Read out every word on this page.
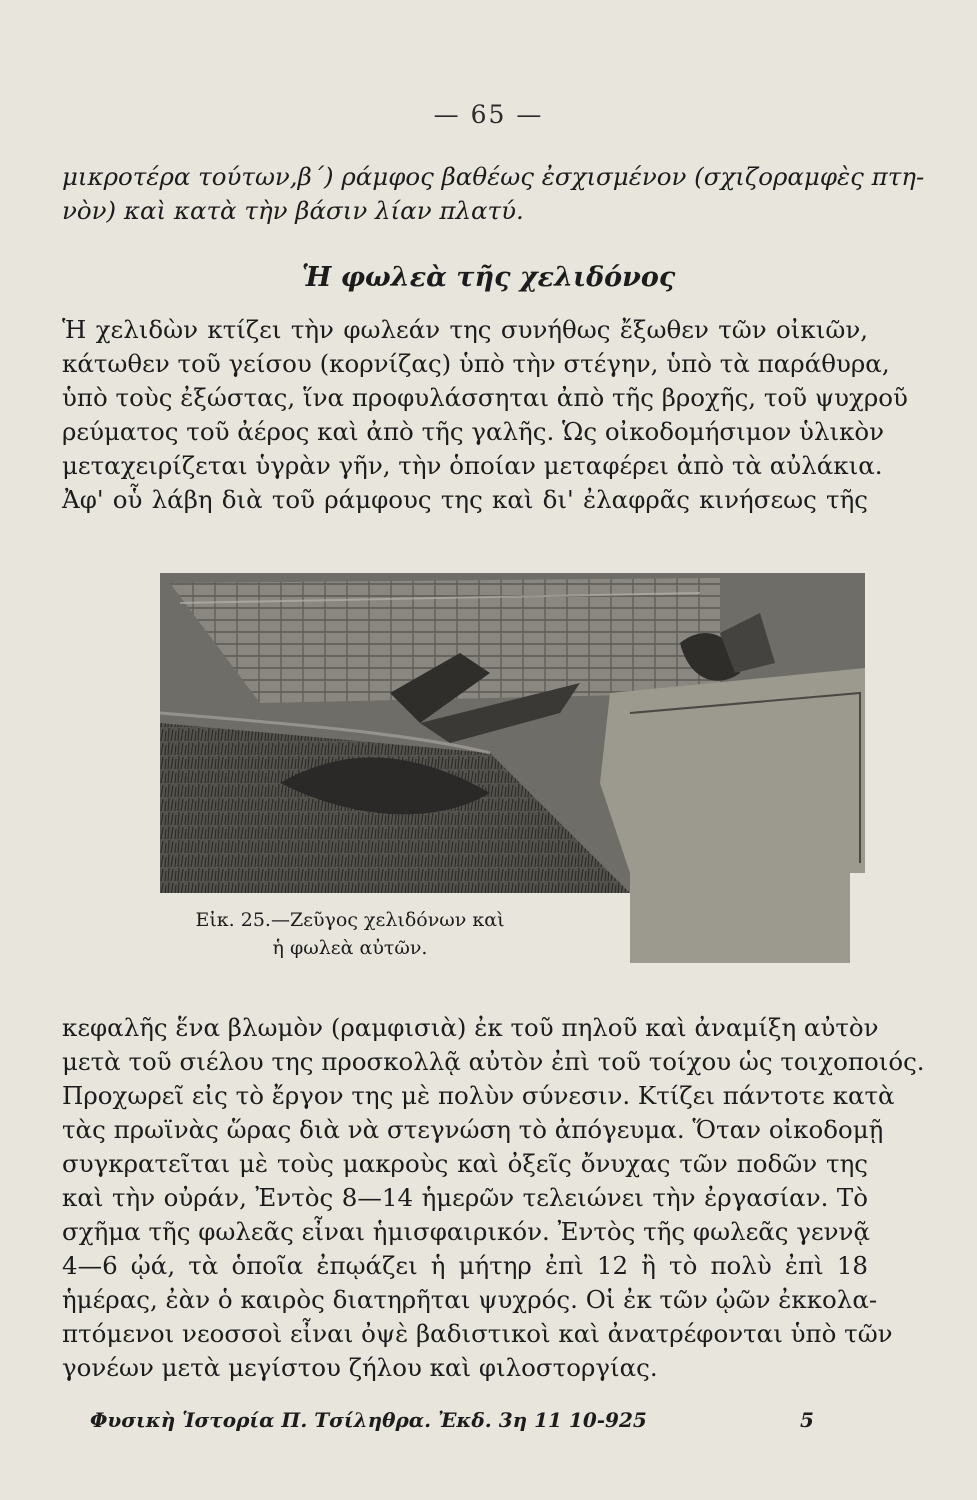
— 65 —
μικροτέρα τούτων,β΄) ράμφος βαθέως ἐσχισμένον (σχιζοραμφὲς πτη-
νὸν) καὶ κατὰ τὴν βάσιν λίαν πλατύ.
Ἡ φωλεὰ τῆς χελιδόνος
Ἡ χελιδὼν κτίζει τὴν φωλεάν της συνήθως ἔξωθεν τῶν οἰκιῶν,
κάτωθεν τοῦ γείσου (κορνίζας) ὑπὸ τὴν στέγην, ὑπὸ τὰ παράθυρα,
ὑπὸ τοὺς ἐξώστας, ἵνα προφυλάσσηται ἀπὸ τῆς βροχῆς, τοῦ ψυχροῦ
ρεύματος τοῦ ἀέρος καὶ ἀπὸ τῆς γαλῆς. Ὡς οἰκοδομήσιμον ὑλικὸν
μεταχειρίζεται ὑγρὰν γῆν, τὴν ὁποίαν μεταφέρει ἀπὸ τὰ αὐλάκια.
Ἀφ' οὗ λάβη διὰ τοῦ ράμφους της καὶ δι' ἐλαφρᾶς κινήσεως τῆς
Εἰκ. 25.—Ζεῦγος χελιδόνων καὶ
ἡ φωλεὰ αὐτῶν.
κεφαλῆς ἕνα βλωμὸν (ραμφισιὰ) ἐκ τοῦ πηλοῦ καὶ ἀναμίξη αὐτὸν
μετὰ τοῦ σιέλου της προσκολλᾷ αὐτὸν ἐπὶ τοῦ τοίχου ὡς τοιχοποιός.
Προχωρεῖ εἰς τὸ ἔργον της μὲ πολὺν σύνεσιν. Κτίζει πάντοτε κατὰ
τὰς πρωϊνὰς ὥρας διὰ νὰ στεγνώση τὸ ἀπόγευμα. Ὅταν οἰκοδομῇ
συγκρατεῖται μὲ τοὺς μακροὺς καὶ ὀξεῖς ὄνυχας τῶν ποδῶν της
καὶ τὴν οὐράν, Ἐντὸς 8—14 ἡμερῶν τελειώνει τὴν ἐργασίαν. Τὸ
σχῆμα τῆς φωλεᾶς εἶναι ἡμισφαιρικόν. Ἐντὸς τῆς φωλεᾶς γεννᾷ
4—6 ᾠά, τὰ ὁποῖα ἐπῳάζει ἡ μήτηρ ἐπὶ 12 ἢ τὸ πολὺ ἐπὶ 18
ἡμέρας, ἐὰν ὁ καιρὸς διατηρῆται ψυχρός. Οἱ ἐκ τῶν ᾠῶν ἐκκολα-
πτόμενοι νεοσσοὶ εἶναι ὀψὲ βαδιστικοὶ καὶ ἀνατρέφονται ὑπὸ τῶν
γονέων μετὰ μεγίστου ζήλου καὶ φιλοστοργίας.
Φυσικὴ Ἱστορία Π. Τσίληθρα. Ἐκδ. 3η 11 10-925	5
